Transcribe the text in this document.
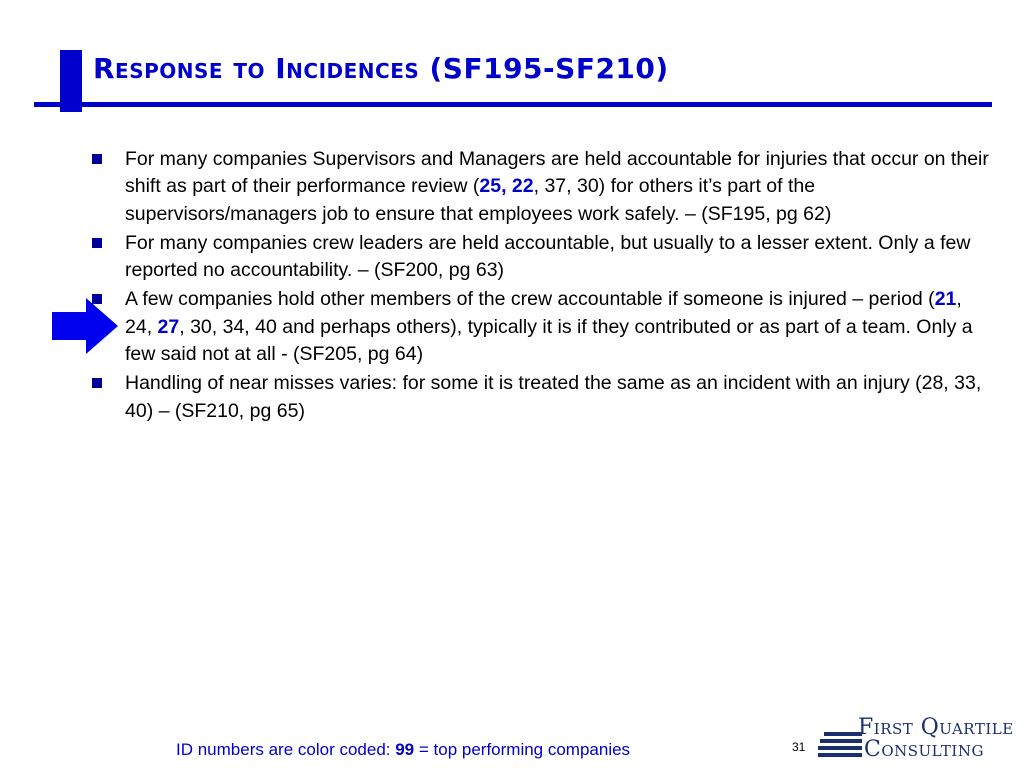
Response to Incidences (SF195-SF210)
For many companies Supervisors and Managers are held accountable for injuries that occur on their shift as part of their performance review (25, 22, 37, 30) for others it’s part of the supervisors/managers job to ensure that employees work safely. – (SF195, pg 62)
For many companies crew leaders are held accountable, but usually to a lesser extent. Only a few reported no accountability. – (SF200, pg 63)
A few companies hold other members of the crew accountable if someone is injured – period (21, 24, 27, 30, 34, 40 and perhaps others), typically it is if they contributed or as part of a team. Only a few said not at all - (SF205, pg 64)
Handling of near misses varies: for some it is treated the same as an incident with an injury (28, 33, 40) – (SF210, pg 65)
ID numbers are color coded: 99 = top performing companies	31
First Quartile
Consulting
